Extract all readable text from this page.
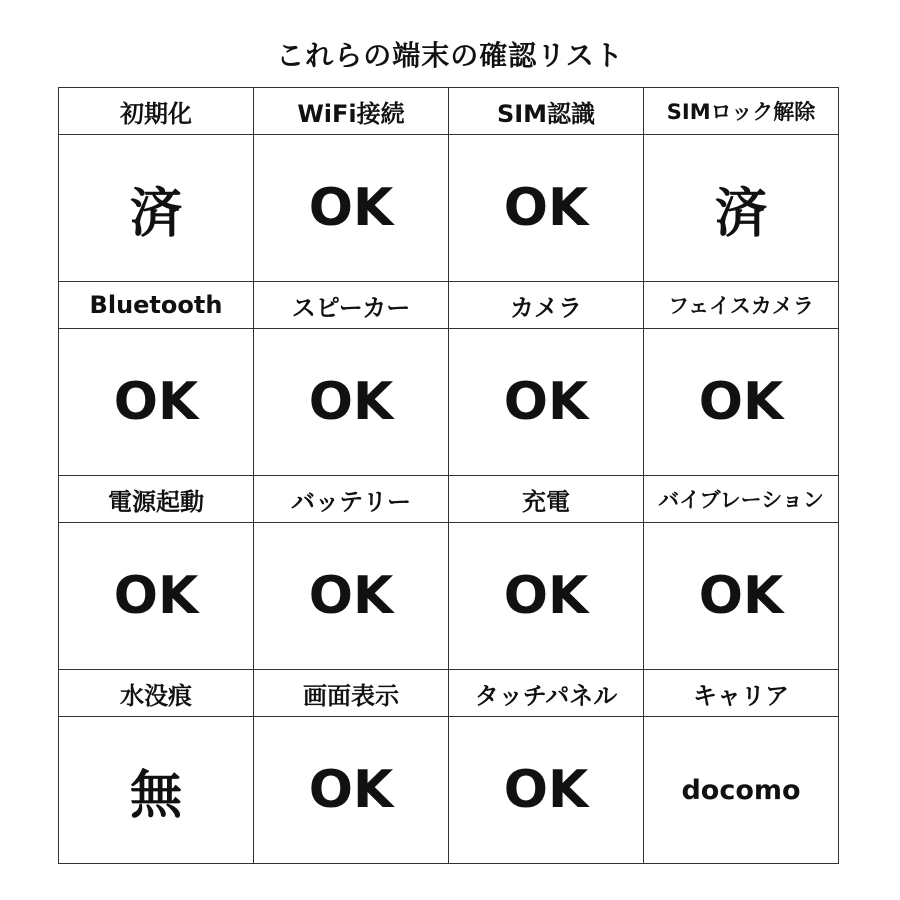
これらの端末の確認リスト
初期化	WiFi接続	SIM認識	SIMロック解除
済	OK	OK	済
Bluetooth	スピーカー	カメラ	フェイスカメラ
OK	OK	OK	OK
電源起動	バッテリー	充電	バイブレーション
OK	OK	OK	OK
水没痕	画面表示	タッチパネル	キャリア
無	OK	OK	docomo
